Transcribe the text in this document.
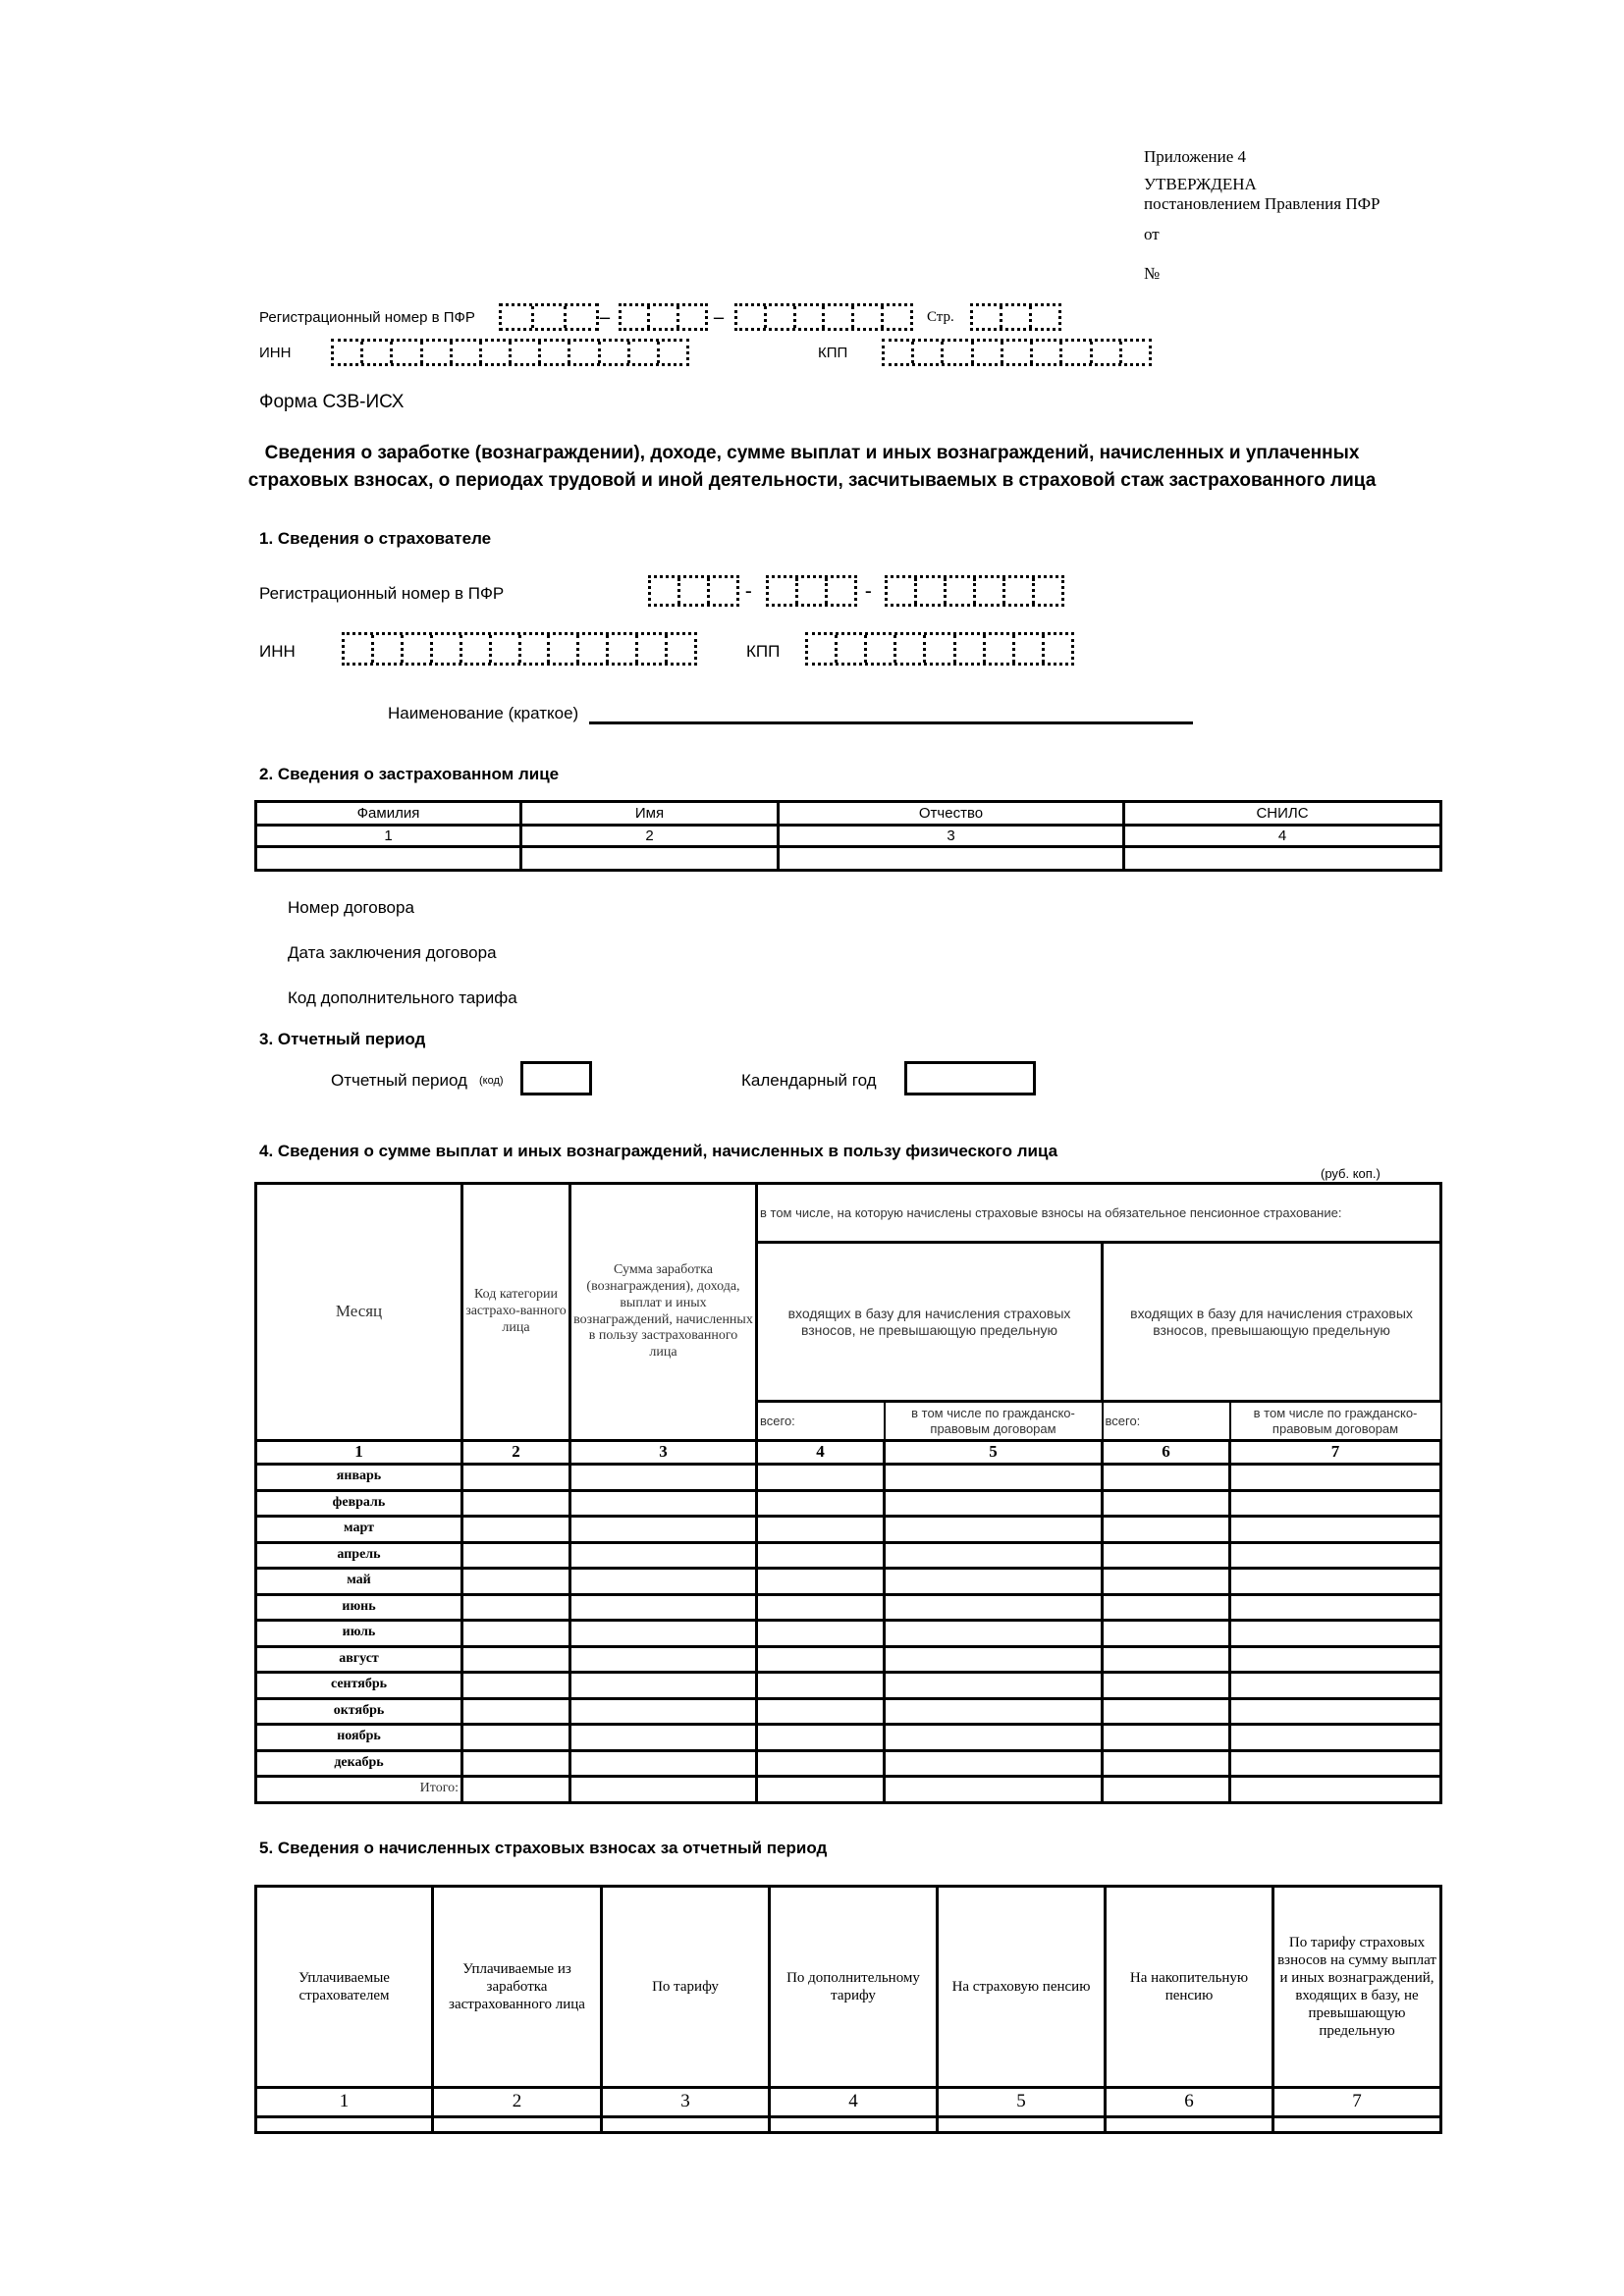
Приложение 4
УТВЕРЖДЕНА
постановлением Правления ПФР
от
№
Регистрационный номер в ПФР	–	–	Стр.
ИНН	КПП
Форма СЗВ-ИСХ
Сведения о заработке (вознаграждении), доходе, сумме выплат и иных вознаграждений, начисленных и уплаченных
страховых взносах, о периодах трудовой и иной деятельности, засчитываемых в страховой стаж застрахованного лица
1. Сведения о страхователе
Регистрационный номер в ПФР	-	-
ИНН	КПП
Наименование (краткое)
2. Сведения о застрахованном лице
Фамилия	Имя	Отчество	СНИЛС
1	2	3	4

Номер договора
Дата заключения договора
Код дополнительного тарифа
3. Отчетный период
Отчетный период (код)	Календарный год
4. Сведения о сумме выплат и иных вознаграждений, начисленных в пользу физического лица
(руб. коп.)
Месяц	Код категории застрахо-ванного лица	Сумма заработка (вознаграждения), дохода, выплат и иных вознаграждений, начисленных в пользу застрахованного лица	в том числе, на которую начислены страховые взносы на обязательное пенсионное страхование:			
			входящих в базу для начисления страховых взносов, не превышающую предельную		входящих в базу для начисления страховых взносов, превышающую предельную	
			всего:	в том числе по гражданско-правовым договорам	всего:	в том числе по гражданско-правовым договорам
1	2	3	4	5	6	7
январь						
февраль						
март						
апрель						
май						
июнь						
июль						
август						
сентябрь						
октябрь						
ноябрь						
декабрь						
Итого:						
5. Сведения о начисленных страховых взносах за отчетный период
Уплачиваемые страхователем	Уплачиваемые из заработка застрахованного лица	По тарифу	По дополнительному тарифу	На страховую пенсию	На накопительную пенсию	По тарифу страховых взносов на сумму выплат и иных вознаграждений, входящих в базу, не превышающую предельную
1	2	3	4	5	6	7
